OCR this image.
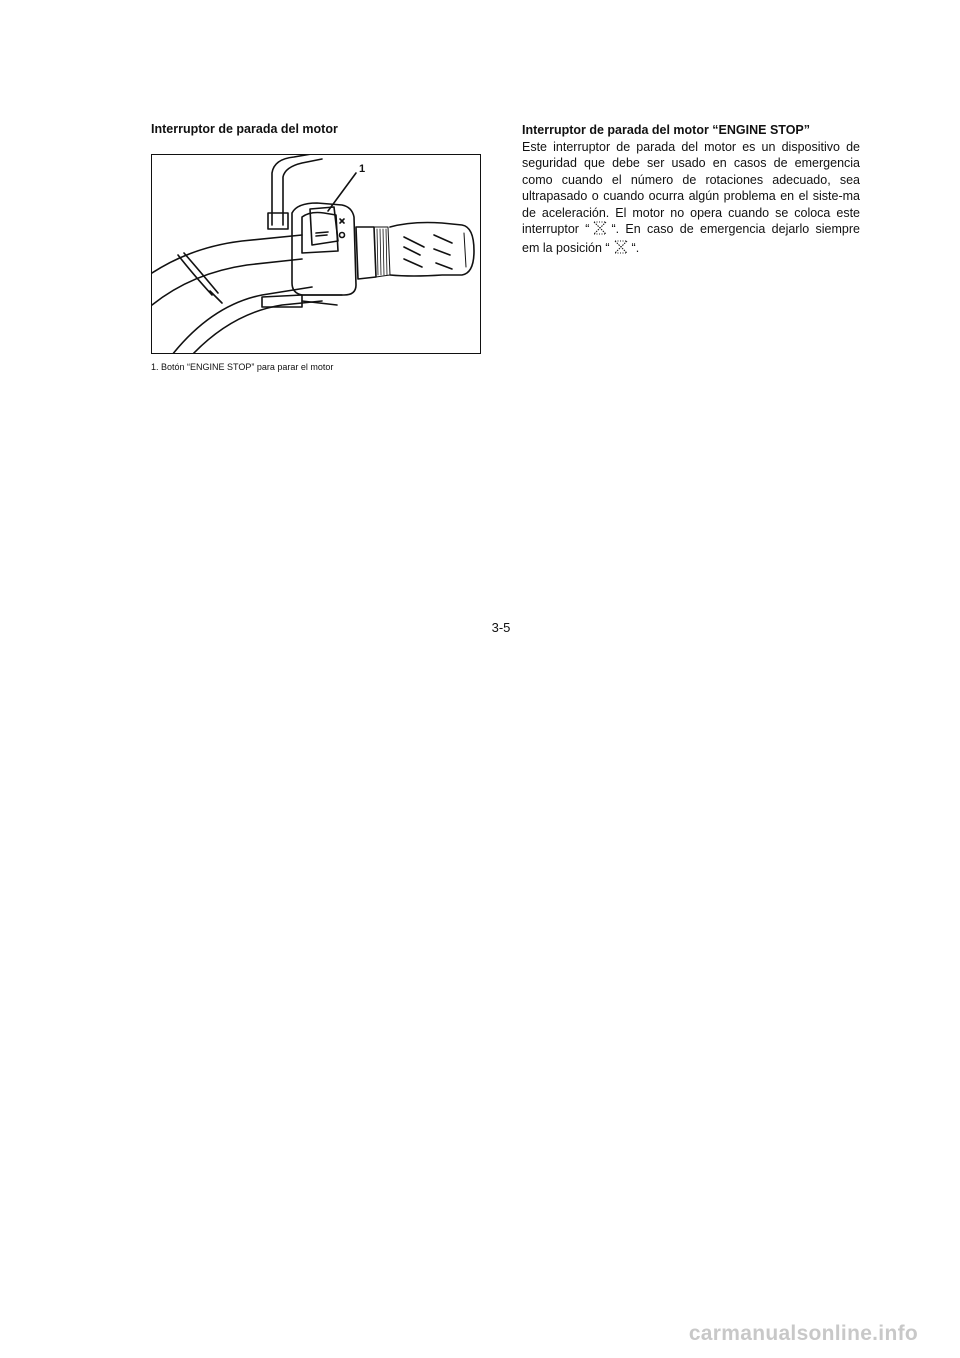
Interruptor de parada del motor
1

1. Botón “ENGINE STOP” para parar el motor

Interruptor de parada del motor “ENGINE STOP”

Este interruptor de parada del motor es un dispositivo de seguridad que debe ser usado en casos de emergencia como cuando el número de rotaciones adecuado, sea ultrapasado o cuando ocurra algún problema en el siste-ma de aceleración. El motor no opera cuando se coloca este interruptor “ “. En caso de emergencia dejarlo siempre em la posición “ “.

3-5
carmanualsonline.info
